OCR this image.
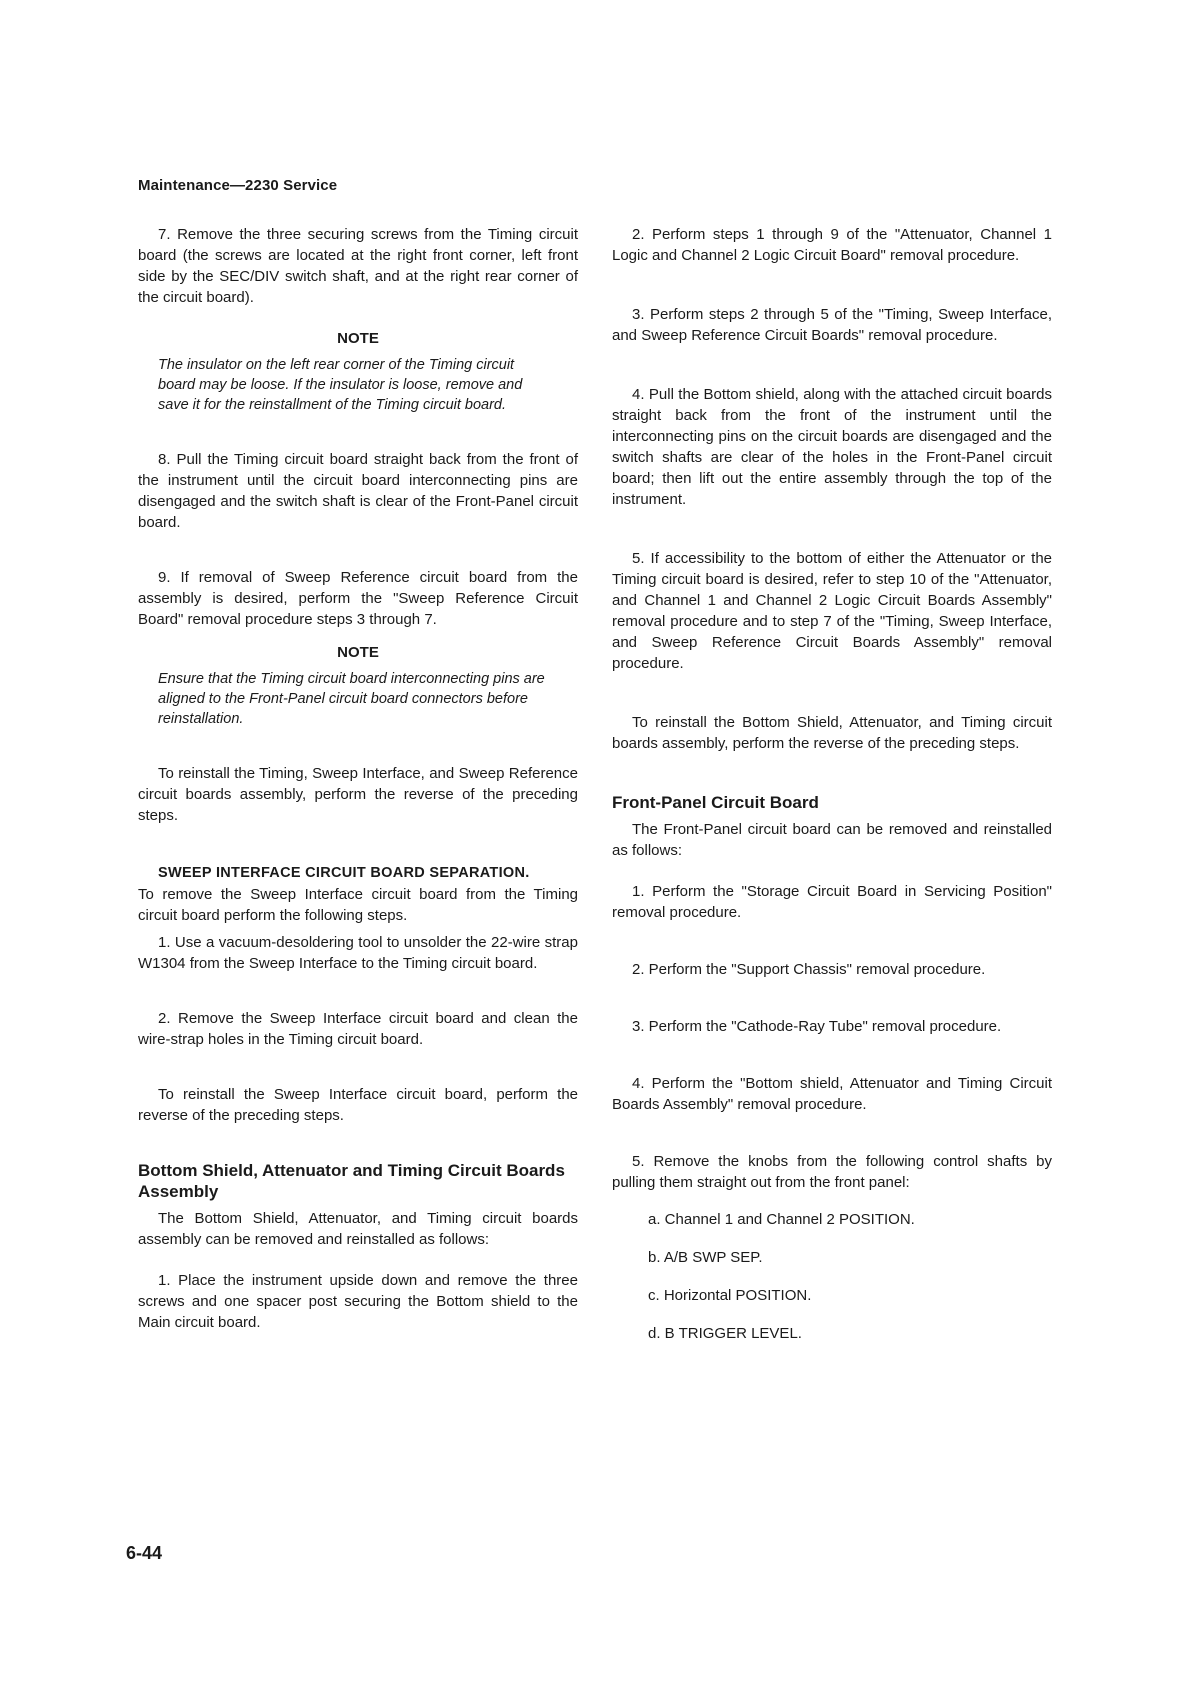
Maintenance—2230 Service

7. Remove the three securing screws from the Timing circuit board (the screws are located at the right front corner, left front side by the SEC/DIV switch shaft, and at the right rear corner of the circuit board).

NOTE

The insulator on the left rear corner of the Timing circuit board may be loose. If the insulator is loose, remove and save it for the reinstallment of the Timing circuit board.

8. Pull the Timing circuit board straight back from the front of the instrument until the circuit board interconnecting pins are disengaged and the switch shaft is clear of the Front-Panel circuit board.

9. If removal of Sweep Reference circuit board from the assembly is desired, perform the "Sweep Reference Circuit Board" removal procedure steps 3 through 7.

NOTE

Ensure that the Timing circuit board interconnecting pins are aligned to the Front-Panel circuit board connectors before reinstallation.

To reinstall the Timing, Sweep Interface, and Sweep Reference circuit boards assembly, perform the reverse of the preceding steps.

SWEEP INTERFACE CIRCUIT BOARD SEPARATION.

To remove the Sweep Interface circuit board from the Timing circuit board perform the following steps.

1. Use a vacuum-desoldering tool to unsolder the 22-wire strap W1304 from the Sweep Interface to the Timing circuit board.

2. Remove the Sweep Interface circuit board and clean the wire-strap holes in the Timing circuit board.

To reinstall the Sweep Interface circuit board, perform the reverse of the preceding steps.

Bottom Shield, Attenuator and Timing Circuit Boards Assembly

The Bottom Shield, Attenuator, and Timing circuit boards assembly can be removed and reinstalled as follows:

1. Place the instrument upside down and remove the three screws and one spacer post securing the Bottom shield to the Main circuit board.

2. Perform steps 1 through 9 of the "Attenuator, Channel 1 Logic and Channel 2 Logic Circuit Board" removal procedure.

3. Perform steps 2 through 5 of the "Timing, Sweep Interface, and Sweep Reference Circuit Boards" removal procedure.

4. Pull the Bottom shield, along with the attached circuit boards straight back from the front of the instrument until the interconnecting pins on the circuit boards are disengaged and the switch shafts are clear of the holes in the Front-Panel circuit board; then lift out the entire assembly through the top of the instrument.

5. If accessibility to the bottom of either the Attenuator or the Timing circuit board is desired, refer to step 10 of the "Attenuator, and Channel 1 and Channel 2 Logic Circuit Boards Assembly" removal procedure and to step 7 of the "Timing, Sweep Interface, and Sweep Reference Circuit Boards Assembly" removal procedure.

To reinstall the Bottom Shield, Attenuator, and Timing circuit boards assembly, perform the reverse of the preceding steps.

Front-Panel Circuit Board

The Front-Panel circuit board can be removed and reinstalled as follows:

1. Perform the "Storage Circuit Board in Servicing Position" removal procedure.

2. Perform the "Support Chassis" removal procedure.

3. Perform the "Cathode-Ray Tube" removal procedure.

4. Perform the "Bottom shield, Attenuator and Timing Circuit Boards Assembly" removal procedure.

5. Remove the knobs from the following control shafts by pulling them straight out from the front panel:

a. Channel 1 and Channel 2 POSITION.

b. A/B SWP SEP.

c. Horizontal POSITION.

d. B TRIGGER LEVEL.

6-44
